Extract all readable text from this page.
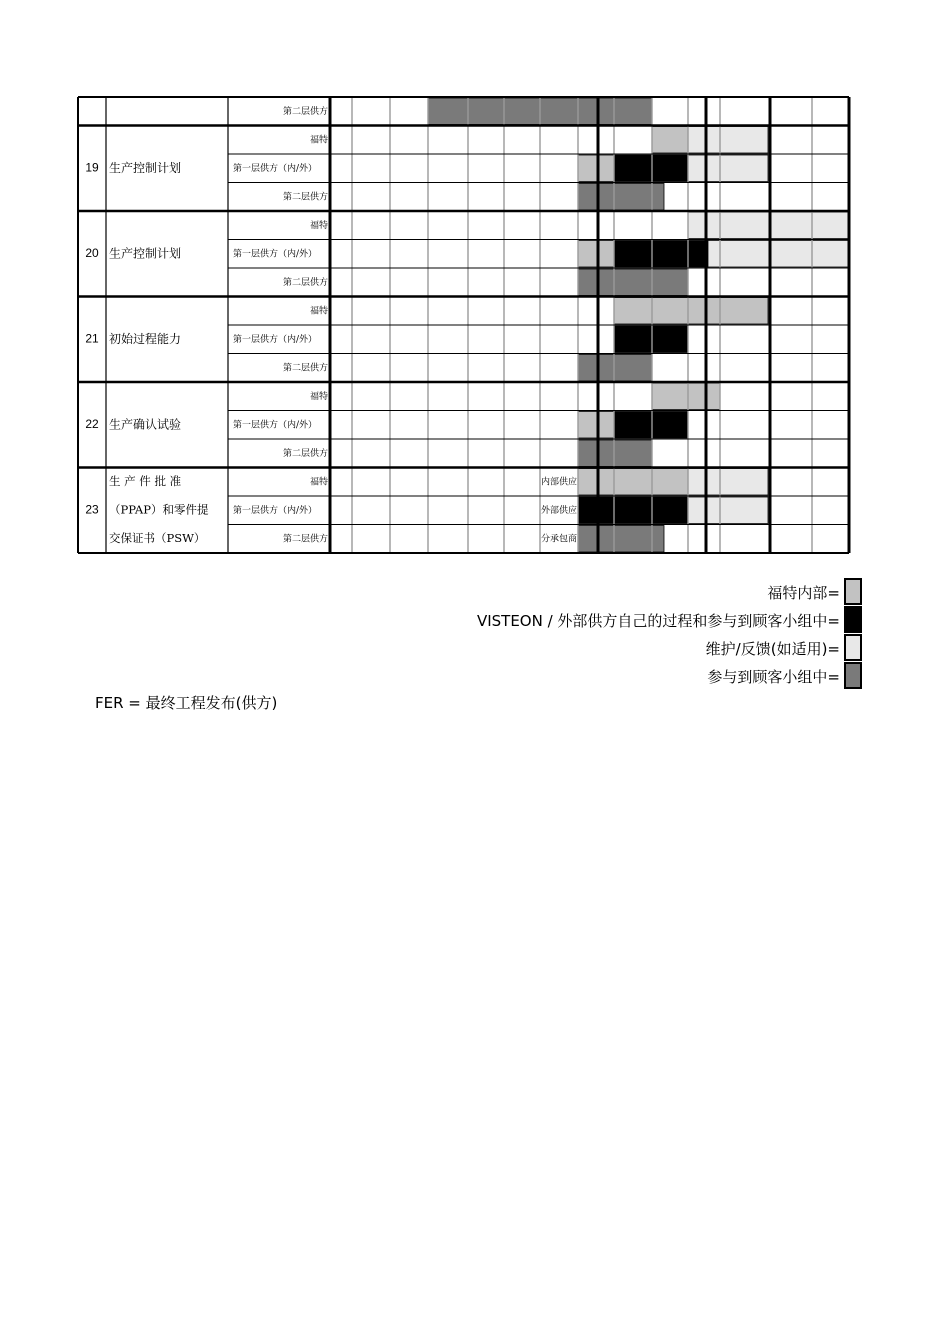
第二层供方
19 生产控制计划
福特
第一层供方（内/外）
第二层供方
20 生产控制计划
福特
第一层供方（内/外）
第二层供方
21 初始过程能力
福特
第一层供方（内/外）
第二层供方
22 生产确认试验
福特
第一层供方（内/外）
第二层供方
23
生 产 件 批 准
（PPAP）和零件提
交保证书（PSW）
福特
第一层供方（内/外）
第二层供方
内部供应
外部供应
分承包商
福特内部=
VISTEON / 外部供方自己的过程和参与到顾客小组中=
维护/反馈(如适用)=
参与到顾客小组中=
FER = 最终工程发布(供方)
